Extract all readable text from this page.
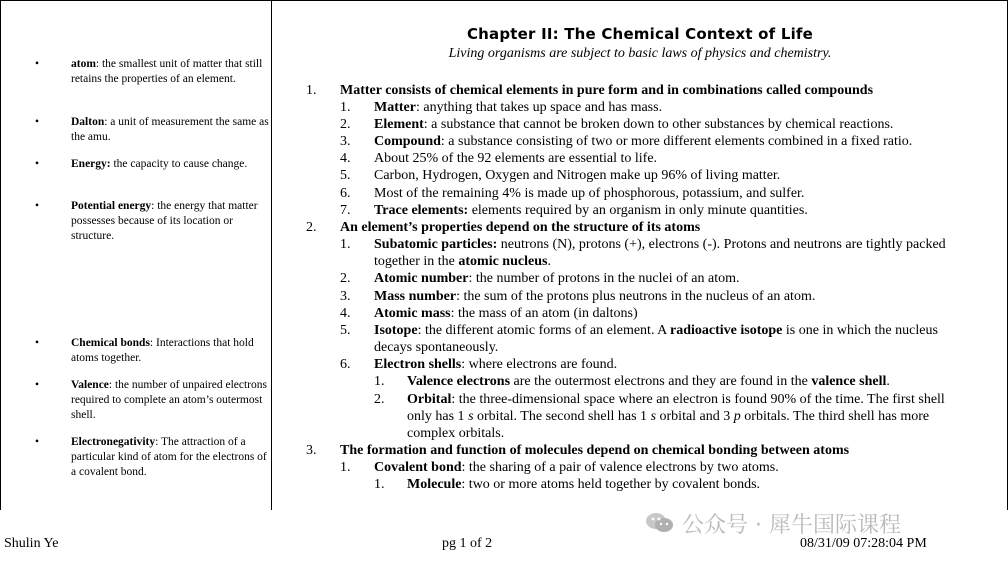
•	atom: the smallest unit of matter that still retains the properties of an element.
•	Dalton: a unit of measurement the same as the amu.
•	Energy: the capacity to cause change.
•	Potential energy: the energy that matter possesses because of its location or structure.
•	Chemical bonds: Interactions that hold atoms together.
•	Valence: the number of unpaired electrons required to complete an atom’s outermost shell.
•	Electronegativity: The attraction of a particular kind of atom for the electrons of a covalent bond.
Chapter II: The Chemical Context of Life
Living organisms are subject to basic laws of physics and chemistry.
1. Matter consists of chemical elements in pure form and in combinations called compounds
1. Matter: anything that takes up space and has mass.
2. Element: a substance that cannot be broken down to other substances by chemical reactions.
3. Compound: a substance consisting of two or more different elements combined in a fixed ratio.
4. About 25% of the 92 elements are essential to life.
5. Carbon, Hydrogen, Oxygen and Nitrogen make up 96% of living matter.
6. Most of the remaining 4% is made up of phosphorous, potassium, and sulfer.
7. Trace elements: elements required by an organism in only minute quantities.
2. An element’s properties depend on the structure of its atoms
1. Subatomic particles: neutrons (N), protons (+), electrons (-). Protons and neutrons are tightly packed
together in the atomic nucleus.
2. Atomic number: the number of protons in the nuclei of an atom.
3. Mass number: the sum of the protons plus neutrons in the nucleus of an atom.
4. Atomic mass: the mass of an atom (in daltons)
5. Isotope: the different atomic forms of an element. A radioactive isotope is one in which the nucleus
decays spontaneously.
6. Electron shells: where electrons are found.
1. Valence electrons are the outermost electrons and they are found in the valence shell.
2. Orbital: the three-dimensional space where an electron is found 90% of the time. The first shell
only has 1 s orbital. The second shell has 1 s orbital and 3 p orbitals. The third shell has more
complex orbitals.
3. The formation and function of molecules depend on chemical bonding between atoms
1. Covalent bond: the sharing of a pair of valence electrons by two atoms.
1. Molecule: two or more atoms held together by covalent bonds.
公众号 · 犀牛国际课程
Shulin Ye	pg 1 of 2	08/31/09 07:28:04 PM
